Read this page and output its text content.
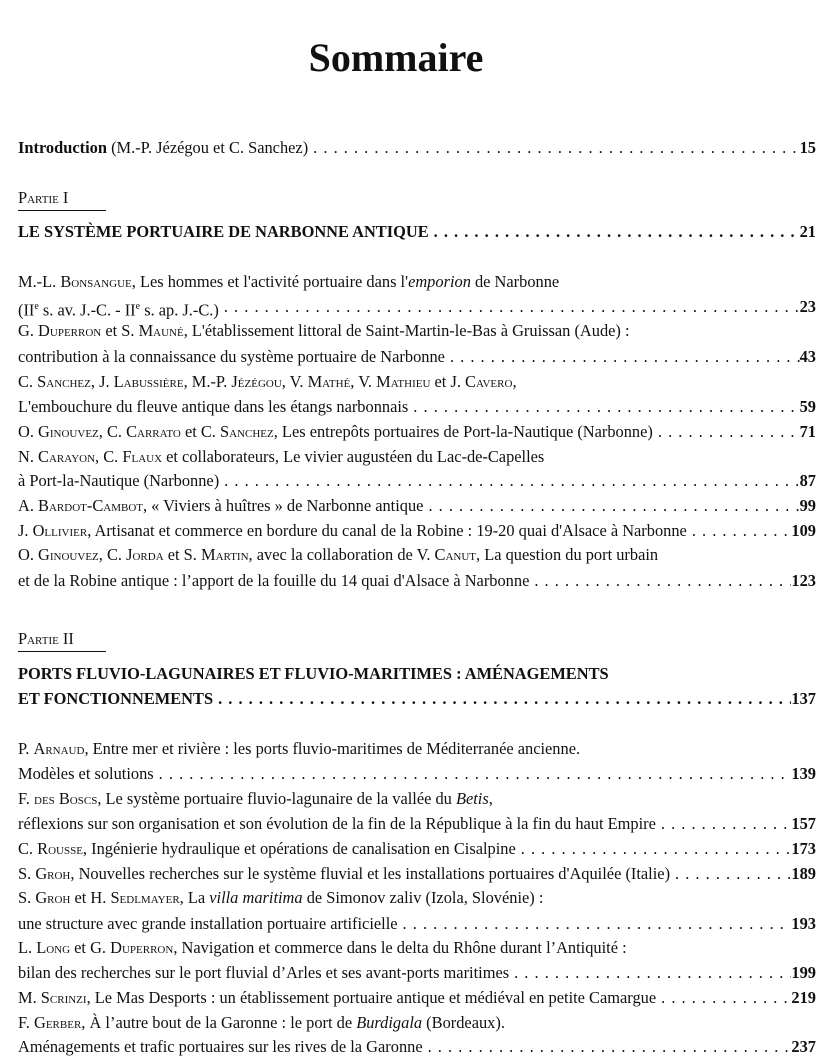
Sommaire
Introduction (M.-P. Jézégou et C. Sanchez) . . .	15
Partie I
LE SYSTÈME PORTUAIRE DE NARBONNE ANTIQUE . . .	21
M.-L. Bonsangue, Les hommes et l'activité portuaire dans l'emporion de Narbonne
(IIe s. av. J.-C. - IIe s. ap. J.-C.) . . .	23
G. Duperron et S. Mauné, L'établissement littoral de Saint-Martin-le-Bas à Gruissan (Aude) :
contribution à la connaissance du système portuaire de Narbonne . . .	43
C. Sanchez, J. Labussière, M.-P. Jézégou, V. Mathé, V. Mathieu et J. Cavero,
L'embouchure du fleuve antique dans les étangs narbonnais . . .	59
O. Ginouvez, C. Carrato et C. Sanchez, Les entrepôts portuaires de Port-la-Nautique (Narbonne) . . .	71
N. Carayon, C. Flaux et collaborateurs, Le vivier augustéen du Lac-de-Capelles
à Port-la-Nautique (Narbonne) . . .	87
A. Bardot-Cambot, « Viviers à huîtres » de Narbonne antique . . .	99
J. Ollivier, Artisanat et commerce en bordure du canal de la Robine : 19-20 quai d'Alsace à Narbonne . . .	109
O. Ginouvez, C. Jorda et S. Martin, avec la collaboration de V. Canut, La question du port urbain
et de la Robine antique : l’apport de la fouille du 14 quai d'Alsace à Narbonne . . .	123
Partie II
PORTS FLUVIO-LAGUNAIRES ET FLUVIO-MARITIMES : AMÉNAGEMENTS
ET FONCTIONNEMENTS . . .	137
P. Arnaud, Entre mer et rivière : les ports fluvio-maritimes de Méditerranée ancienne.
Modèles et solutions . . .	139
F. des Boscs, Le système portuaire fluvio-lagunaire de la vallée du Betis,
réflexions sur son organisation et son évolution de la fin de la République à la fin du haut Empire . . .	157
C. Rousse, Ingénierie hydraulique et opérations de canalisation en Cisalpine . . .	173
S. Groh, Nouvelles recherches sur le système fluvial et les installations portuaires d'Aquilée (Italie) . . .	189
S. Groh et H. Sedlmayer, La villa maritima de Simonov zaliv (Izola, Slovénie) :
une structure avec grande installation portuaire artificielle . . .	193
L. Long et G. Duperron, Navigation et commerce dans le delta du Rhône durant l’Antiquité :
bilan des recherches sur le port fluvial d’Arles et ses avant-ports maritimes . . .	199
M. Scrinzi, Le Mas Desports : un établissement portuaire antique et médiéval en petite Camargue . . .	219
F. Gerber, À l’autre bout de la Garonne : le port de Burdigala (Bordeaux).
Aménagements et trafic portuaires sur les rives de la Garonne . . .	237
